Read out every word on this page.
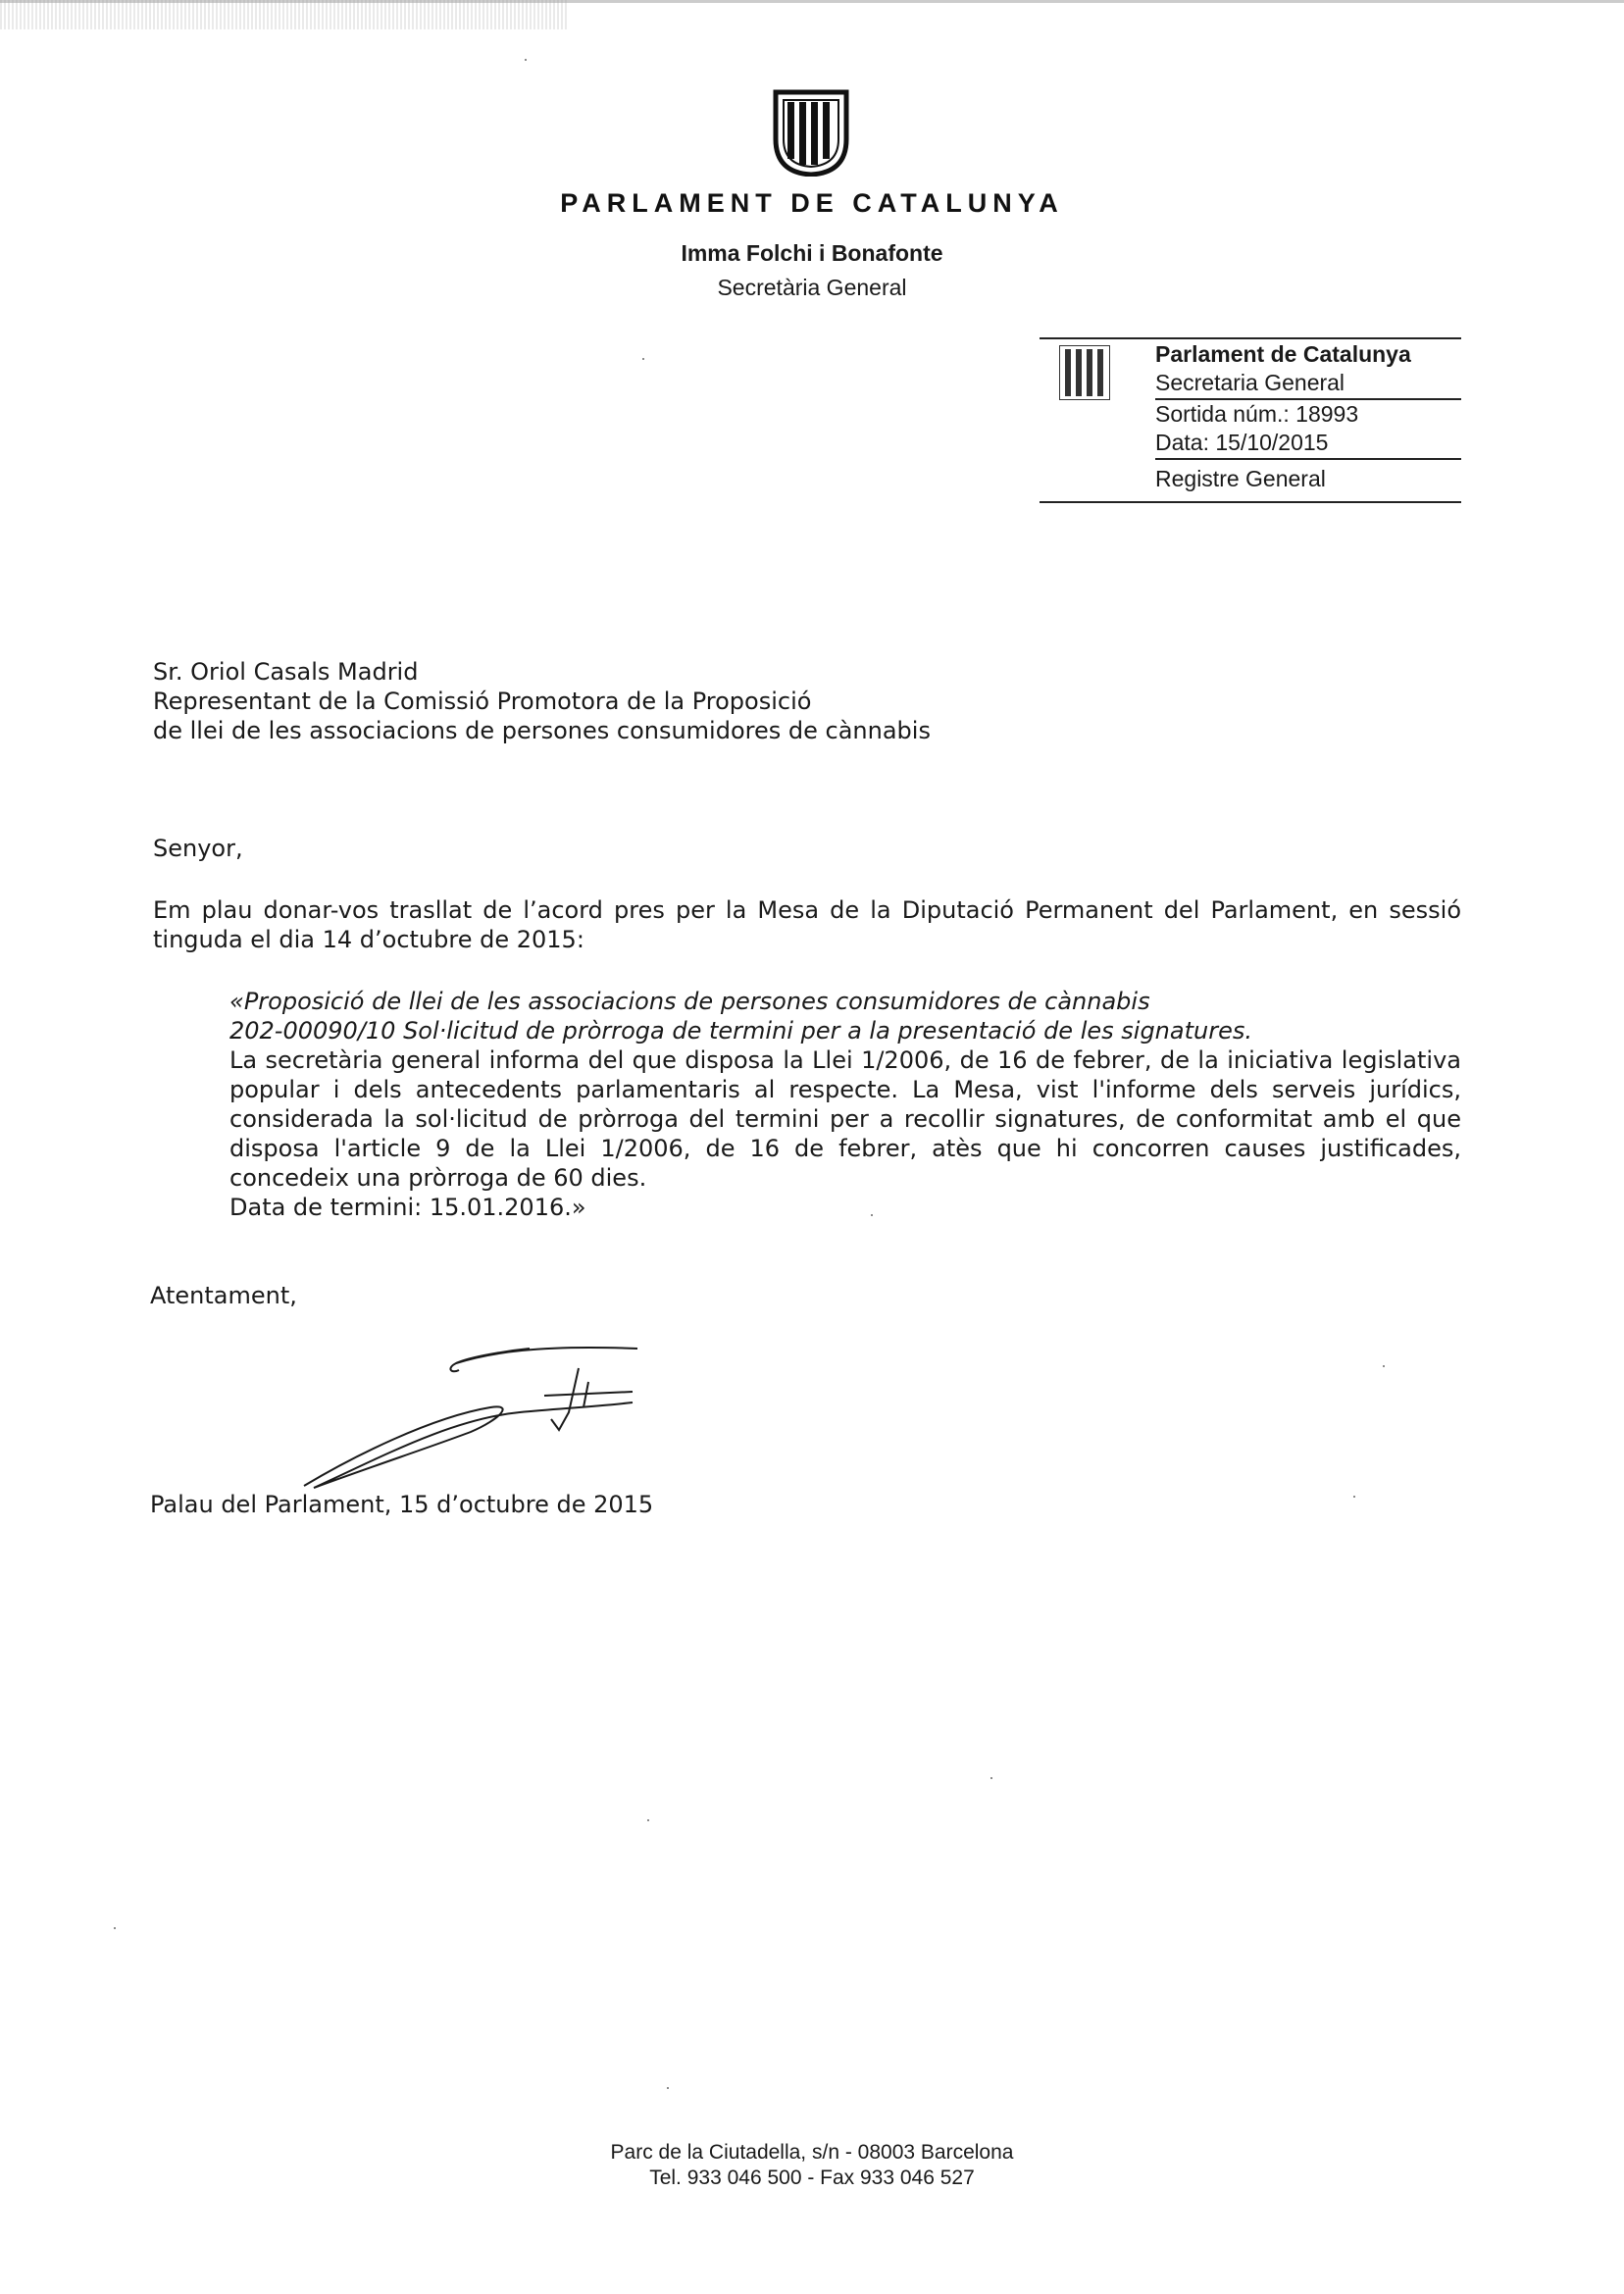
PARLAMENT DE CATALUNYA
Imma Folchi i Bonafonte
Secretària General
Parlament de Catalunya
Secretaria General
Sortida núm.: 18993
Data: 15/10/2015
Registre General
Sr. Oriol Casals Madrid
Representant de la Comissió Promotora de la Proposició
de llei de les associacions de persones consumidores de cànnabis
Senyor,
Em plau donar-vos trasllat de l’acord pres per la Mesa de la Diputació Permanent del Parlament, en sessió tinguda el dia 14 d’octubre de 2015:
«Proposició de llei de les associacions de persones consumidores de cànnabis
202-00090/10 Sol·licitud de pròrroga de termini per a la presentació de les signatures.
La secretària general informa del que disposa la Llei 1/2006, de 16 de febrer, de la iniciativa legislativa popular i dels antecedents parlamentaris al respecte. La Mesa, vist l'informe dels serveis jurídics, considerada la sol·licitud de pròrroga del termini per a recollir signatures, de conformitat amb el que disposa l'article 9 de la Llei 1/2006, de 16 de febrer, atès que hi concorren causes justificades, concedeix una pròrroga de 60 dies.
Data de termini: 15.01.2016.»
Atentament,
Palau del Parlament, 15 d’octubre de 2015
Parc de la Ciutadella, s/n - 08003 Barcelona
Tel. 933 046 500 - Fax 933 046 527
